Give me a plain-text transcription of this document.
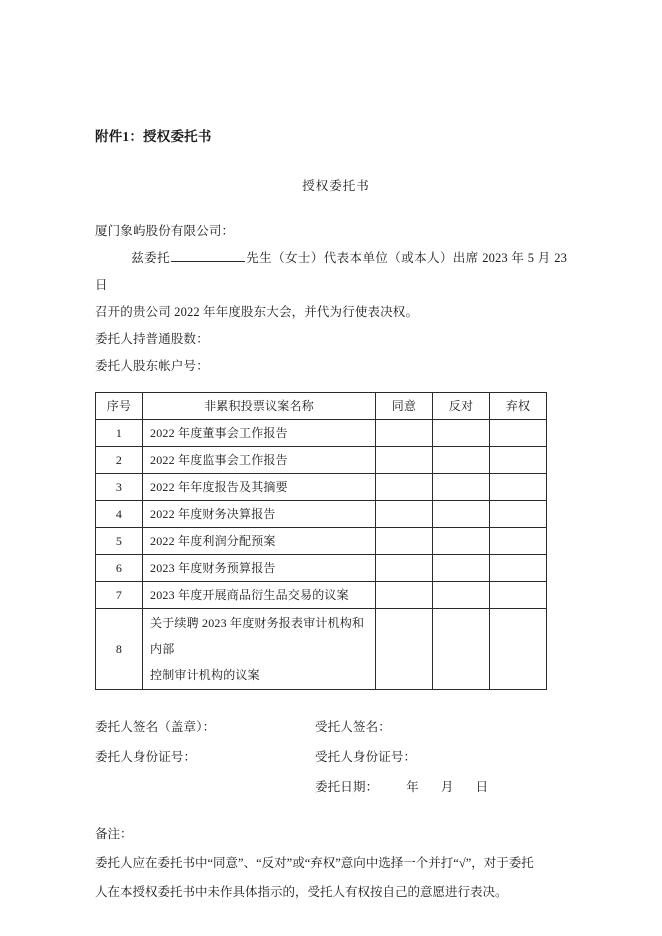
附件1：授权委托书
授权委托书

厦门象屿股份有限公司：

兹委托	先生（女士）代表本单位（或本人）出席 2023 年 5 月 23 日

召开的贵公司 2022 年年度股东大会，并代为行使表决权。

委托人持普通股数：

委托人股东帐户号：

序号	非累积投票议案名称	同意	反对	弃权
1	2022 年度董事会工作报告			
2	2022 年度监事会工作报告			
3	2022 年年度报告及其摘要			
4	2022 年度财务决算报告			
5	2022 年度利润分配预案			
6	2023 年度财务预算报告			
7	2023 年度开展商品衍生品交易的议案			
8	关于续聘 2023 年度财务报表审计机构和内部
控制审计机构的议案			

委托人签名（盖章）：	受托人签名：
委托人身份证号：	受托人身份证号：
委托日期： 年 月 日
备注：

委托人应在委托书中“同意”、“反对”或“弃权”意向中选择一个并打“√”，对于委托

人在本授权委托书中未作具体指示的，受托人有权按自己的意愿进行表决。
